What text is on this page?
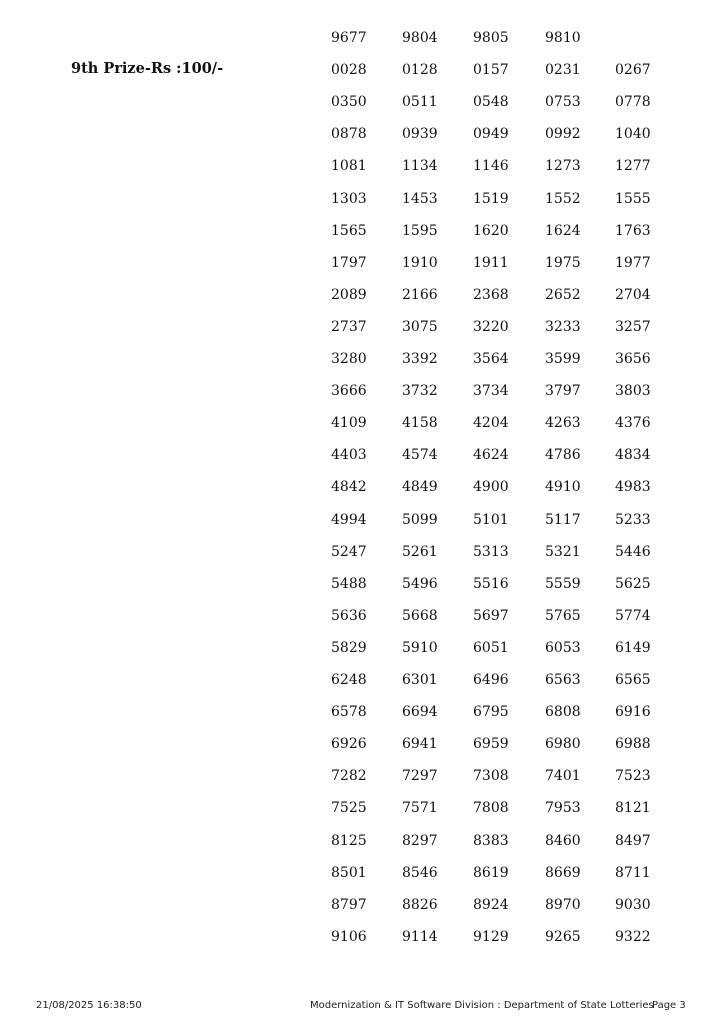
9th Prize-Rs :100/-
9677	9804	9805	9810
0028	0128	0157	0231	0267
0350	0511	0548	0753	0778
0878	0939	0949	0992	1040
1081	1134	1146	1273	1277
1303	1453	1519	1552	1555
1565	1595	1620	1624	1763
1797	1910	1911	1975	1977
2089	2166	2368	2652	2704
2737	3075	3220	3233	3257
3280	3392	3564	3599	3656
3666	3732	3734	3797	3803
4109	4158	4204	4263	4376
4403	4574	4624	4786	4834
4842	4849	4900	4910	4983
4994	5099	5101	5117	5233
5247	5261	5313	5321	5446
5488	5496	5516	5559	5625
5636	5668	5697	5765	5774
5829	5910	6051	6053	6149
6248	6301	6496	6563	6565
6578	6694	6795	6808	6916
6926	6941	6959	6980	6988
7282	7297	7308	7401	7523
7525	7571	7808	7953	8121
8125	8297	8383	8460	8497
8501	8546	8619	8669	8711
8797	8826	8924	8970	9030
9106	9114	9129	9265	9322
21/08/2025 16:38:50	Modernization & IT Software Division : Department of State Lotteries
Page 3
